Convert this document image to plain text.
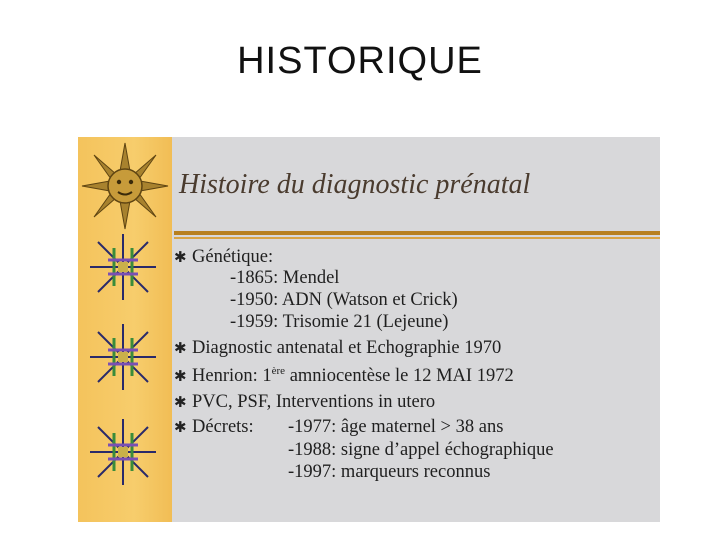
HISTORIQUE
Histoire du diagnostic prénatal
✱ Génétique:
-1865: Mendel
-1950: ADN (Watson et Crick)
-1959: Trisomie 21 (Lejeune)
✱ Diagnostic antenatal et Echographie 1970
✱ Henrion: 1ère amniocentèse le 12 MAI 1972
✱ PVC, PSF, Interventions in utero
✱ Décrets: -1977: âge maternel > 38 ans
-1988: signe d’appel échographique
-1997: marqueurs reconnus
